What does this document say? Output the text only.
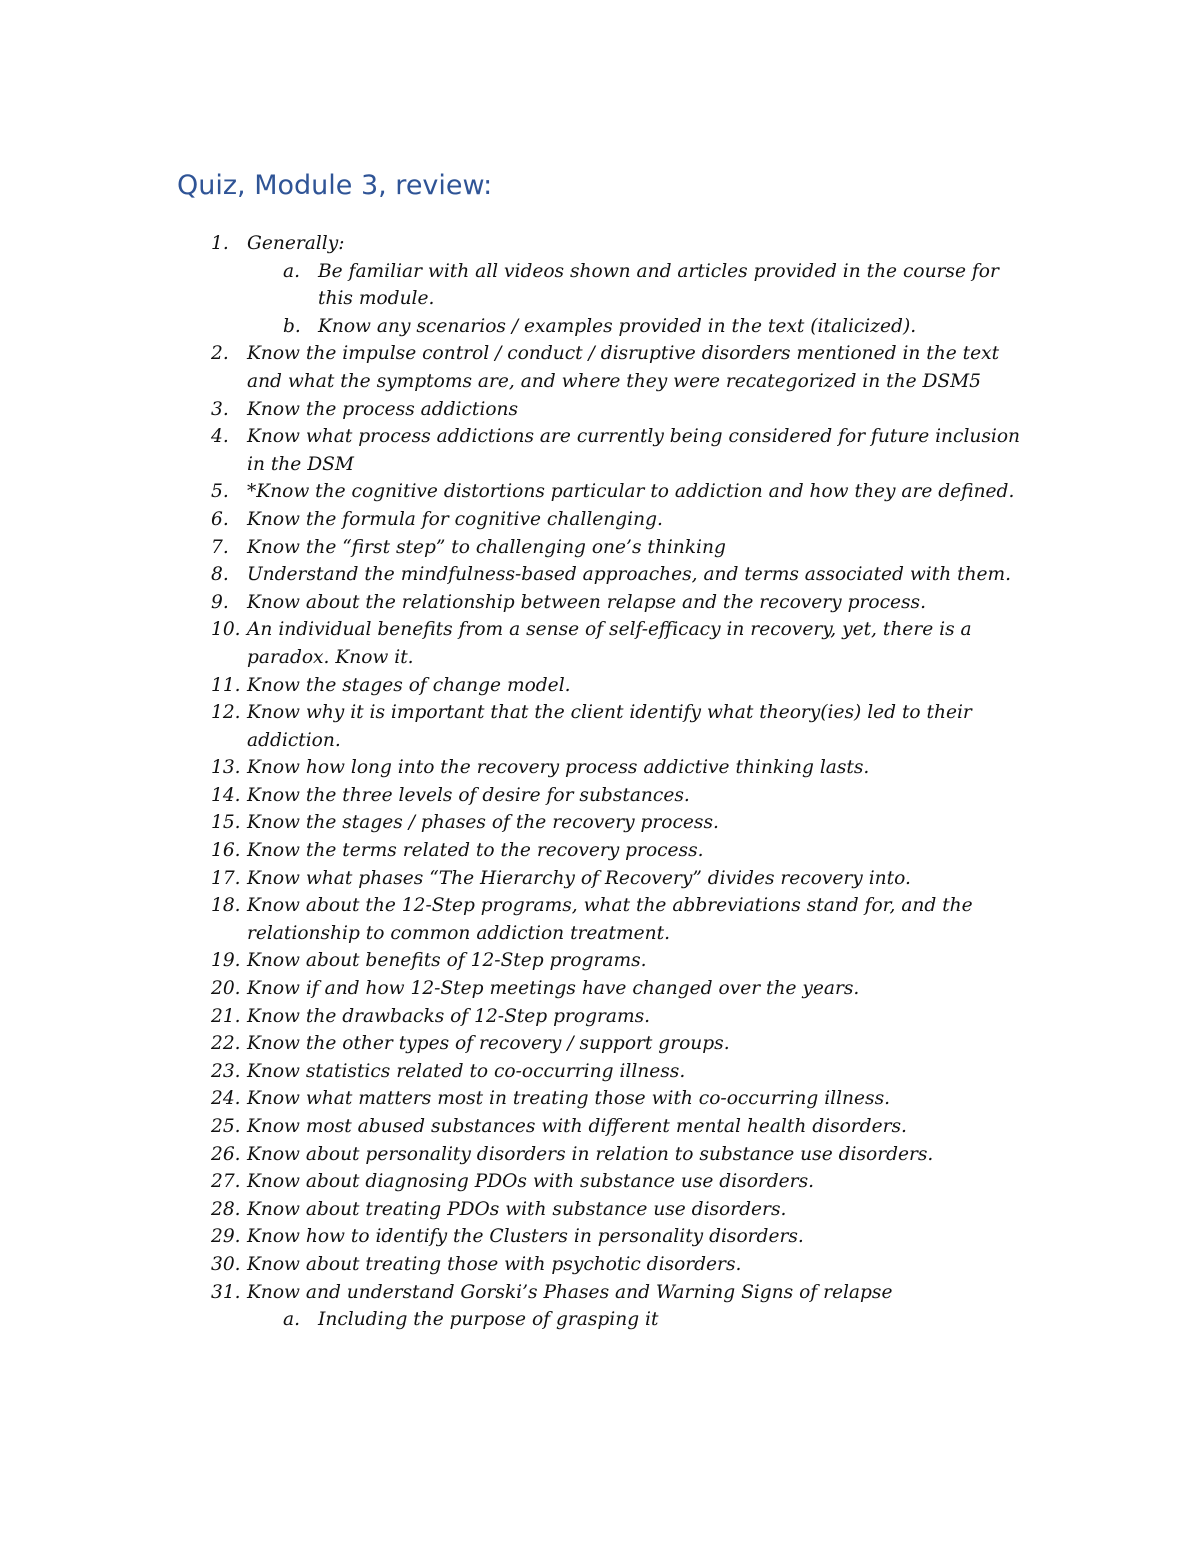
Quiz, Module 3, review:
1. Generally:
a. Be familiar with all videos shown and articles provided in the course for this module.
b. Know any scenarios / examples provided in the text (italicized).
2. Know the impulse control / conduct / disruptive disorders mentioned in the text and what the symptoms are, and where they were recategorized in the DSM5
3. Know the process addictions
4. Know what process addictions are currently being considered for future inclusion in the DSM
5. *Know the cognitive distortions particular to addiction and how they are defined.
6. Know the formula for cognitive challenging.
7. Know the “first step” to challenging one’s thinking
8. Understand the mindfulness-based approaches, and terms associated with them.
9. Know about the relationship between relapse and the recovery process.
10. An individual benefits from a sense of self-efficacy in recovery, yet, there is a paradox. Know it.
11. Know the stages of change model.
12. Know why it is important that the client identify what theory(ies) led to their addiction.
13. Know how long into the recovery process addictive thinking lasts.
14. Know the three levels of desire for substances.
15. Know the stages / phases of the recovery process.
16. Know the terms related to the recovery process.
17. Know what phases “The Hierarchy of Recovery” divides recovery into.
18. Know about the 12-Step programs, what the abbreviations stand for, and the relationship to common addiction treatment.
19. Know about benefits of 12-Step programs.
20. Know if and how 12-Step meetings have changed over the years.
21. Know the drawbacks of 12-Step programs.
22. Know the other types of recovery / support groups.
23. Know statistics related to co-occurring illness.
24. Know what matters most in treating those with co-occurring illness.
25. Know most abused substances with different mental health disorders.
26. Know about personality disorders in relation to substance use disorders.
27. Know about diagnosing PDOs with substance use disorders.
28. Know about treating PDOs with substance use disorders.
29. Know how to identify the Clusters in personality disorders.
30. Know about treating those with psychotic disorders.
31. Know and understand Gorski’s Phases and Warning Signs of relapse
a. Including the purpose of grasping it
